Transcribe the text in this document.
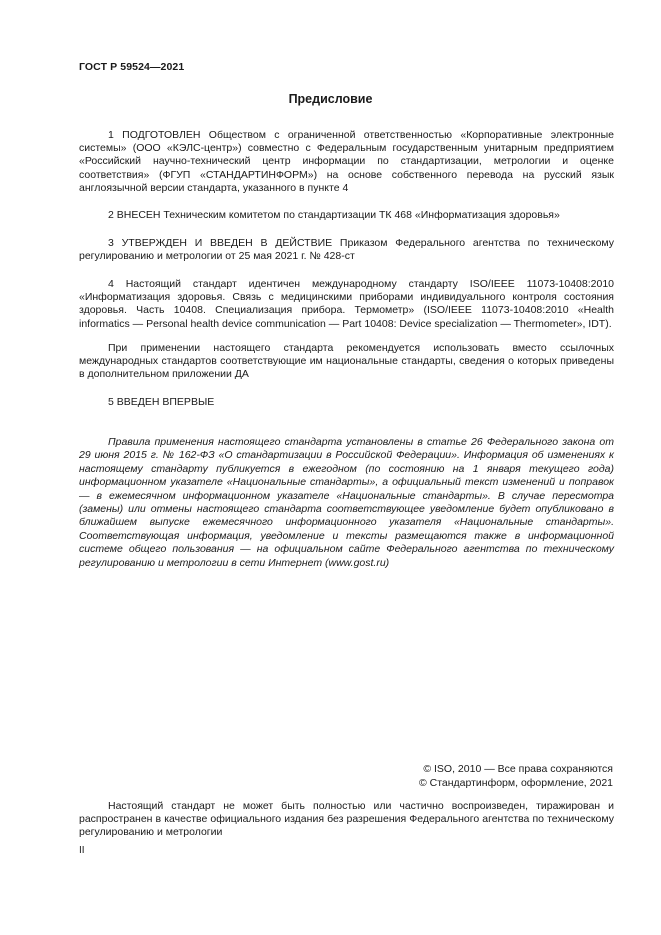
ГОСТ Р 59524—2021
Предисловие

1 ПОДГОТОВЛЕН Обществом с ограниченной ответственностью «Корпоративные электронные системы» (ООО «КЭЛС-центр») совместно с Федеральным государственным унитарным предприятием «Российский научно-технический центр информации по стандартизации, метрологии и оценке соответствия» (ФГУП «СТАНДАРТИНФОРМ») на основе собственного перевода на русский язык англоязычной версии стандарта, указанного в пункте 4

2 ВНЕСЕН Техническим комитетом по стандартизации ТК 468 «Информатизация здоровья»

3 УТВЕРЖДЕН И ВВЕДЕН В ДЕЙСТВИЕ Приказом Федерального агентства по техническому регулированию и метрологии от 25 мая 2021 г. № 428-ст

4 Настоящий стандарт идентичен международному стандарту ISO/IEEE 11073-10408:2010 «Информатизация здоровья. Связь с медицинскими приборами индивидуального контроля состояния здоровья. Часть 10408. Специализация прибора. Термометр» (ISO/IEEE 11073-10408:2010 «Health informatics — Personal health device communication — Part 10408: Device specialization — Thermometer», IDT).

При применении настоящего стандарта рекомендуется использовать вместо ссылочных международных стандартов соответствующие им национальные стандарты, сведения о которых приведены в дополнительном приложении ДА

5 ВВЕДЕН ВПЕРВЫЕ

Правила применения настоящего стандарта установлены в статье 26 Федерального закона от 29 июня 2015 г. № 162-ФЗ «О стандартизации в Российской Федерации». Информация об изменениях к настоящему стандарту публикуется в ежегодном (по состоянию на 1 января текущего года) информационном указателе «Национальные стандарты», а официальный текст изменений и поправок — в ежемесячном информационном указателе «Национальные стандарты». В случае пересмотра (замены) или отмены настоящего стандарта соответствующее уведомление будет опубликовано в ближайшем выпуске ежемесячного информационного указателя «Национальные стандарты». Соответствующая информация, уведомление и тексты размещаются также в информационной системе общего пользования — на официальном сайте Федерального агентства по техническому регулированию и метрологии в сети Интернет (www.gost.ru)

© ISO, 2010 — Все права сохраняются
© Стандартинформ, оформление, 2021

Настоящий стандарт не может быть полностью или частично воспроизведен, тиражирован и распространен в качестве официального издания без разрешения Федерального агентства по техническому регулированию и метрологии

II
